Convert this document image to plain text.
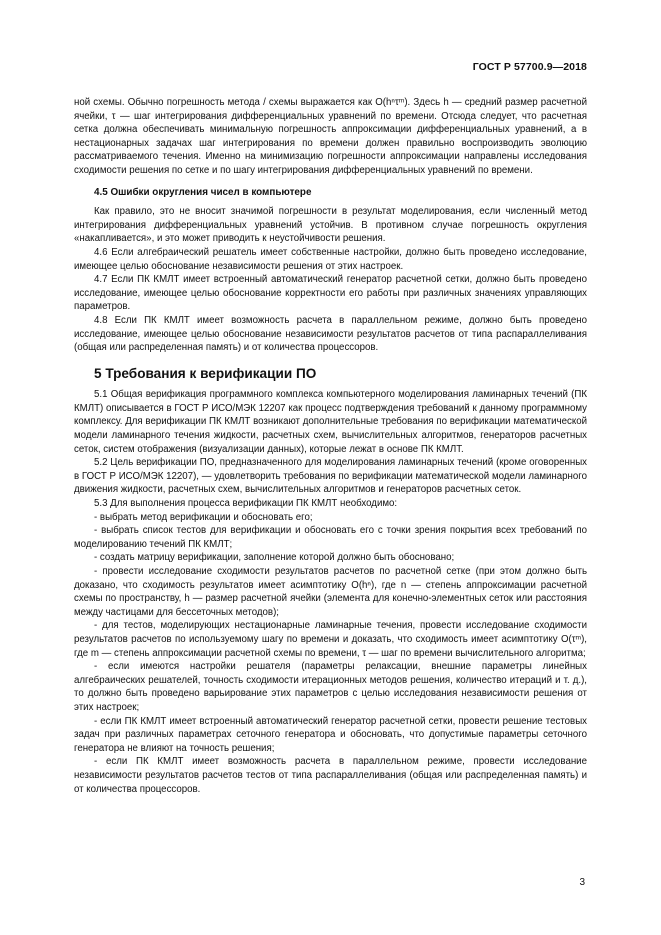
ГОСТ Р 57700.9—2018

ной схемы. Обычно погрешность метода / схемы выражается как O(hⁿτᵐ). Здесь h — средний размер расчетной ячейки, τ — шаг интегрирования дифференциальных уравнений по времени. Отсюда следует, что расчетная сетка должна обеспечивать минимальную погрешность аппроксимации дифференциальных уравнений, а в нестационарных задачах шаг интегрирования по времени должен правильно воспроизводить эволюцию рассматриваемого течения. Именно на минимизацию погрешности аппроксимации направлены исследования сходимости решения по сетке и по шагу интегрирования дифференциальных уравнений по времени.

4.5 Ошибки округления чисел в компьютере

Как правило, это не вносит значимой погрешности в результат моделирования, если численный метод интегрирования дифференциальных уравнений устойчив. В противном случае погрешность округления «накапливается», и это может приводить к неустойчивости решения.

4.6 Если алгебраический решатель имеет собственные настройки, должно быть проведено исследование, имеющее целью обоснование независимости решения от этих настроек.

4.7 Если ПК КМЛТ имеет встроенный автоматический генератор расчетной сетки, должно быть проведено исследование, имеющее целью обоснование корректности его работы при различных значениях управляющих параметров.

4.8 Если ПК КМЛТ имеет возможность расчета в параллельном режиме, должно быть проведено исследование, имеющее целью обоснование независимости результатов расчетов от типа распараллеливания (общая или распределенная память) и от количества процессоров.

5 Требования к верификации ПО

5.1 Общая верификация программного комплекса компьютерного моделирования ламинарных течений (ПК КМЛТ) описывается в ГОСТ Р ИСО/МЭК 12207 как процесс подтверждения требований к данному программному комплексу. Для верификации ПК КМЛТ возникают дополнительные требования по верификации математической модели ламинарного течения жидкости, расчетных схем, вычислительных алгоритмов, генераторов расчетных сеток, систем отображения (визуализации данных), которые лежат в основе ПК КМЛТ.

5.2 Цель верификации ПО, предназначенного для моделирования ламинарных течений (кроме оговоренных в ГОСТ Р ИСО/МЭК 12207), — удовлетворить требования по верификации математической модели ламинарного движения жидкости, расчетных схем, вычислительных алгоритмов и генераторов расчетных сеток.

5.3 Для выполнения процесса верификации ПК КМЛТ необходимо:

- выбрать метод верификации и обосновать его;

- выбрать список тестов для верификации и обосновать его с точки зрения покрытия всех требований по моделированию течений ПК КМЛТ;

- создать матрицу верификации, заполнение которой должно быть обосновано;

- провести исследование сходимости результатов расчетов по расчетной сетке (при этом должно быть доказано, что сходимость результатов имеет асимптотику O(hⁿ), где n — степень аппроксимации расчетной схемы по пространству, h — размер расчетной ячейки (элемента для конечно-элементных сеток или расстояния между частицами для бессеточных методов);

- для тестов, моделирующих нестационарные ламинарные течения, провести исследование сходимости результатов расчетов по используемому шагу по времени и доказать, что сходимость имеет асимптотику O(τᵐ), где m — степень аппроксимации расчетной схемы по времени, τ — шаг по времени вычислительного алгоритма;

- если имеются настройки решателя (параметры релаксации, внешние параметры линейных алгебраических решателей, точность сходимости итерационных методов решения, количество итераций и т. д.), то должно быть проведено варьирование этих параметров с целью исследования независимости решения от этих настроек;

- если ПК КМЛТ имеет встроенный автоматический генератор расчетной сетки, провести решение тестовых задач при различных параметрах сеточного генератора и обосновать, что допустимые параметры сеточного генератора не влияют на точность решения;

- если ПК КМЛТ имеет возможность расчета в параллельном режиме, провести исследование независимости результатов расчетов тестов от типа распараллеливания (общая или распределенная память) и от количества процессоров.

3
